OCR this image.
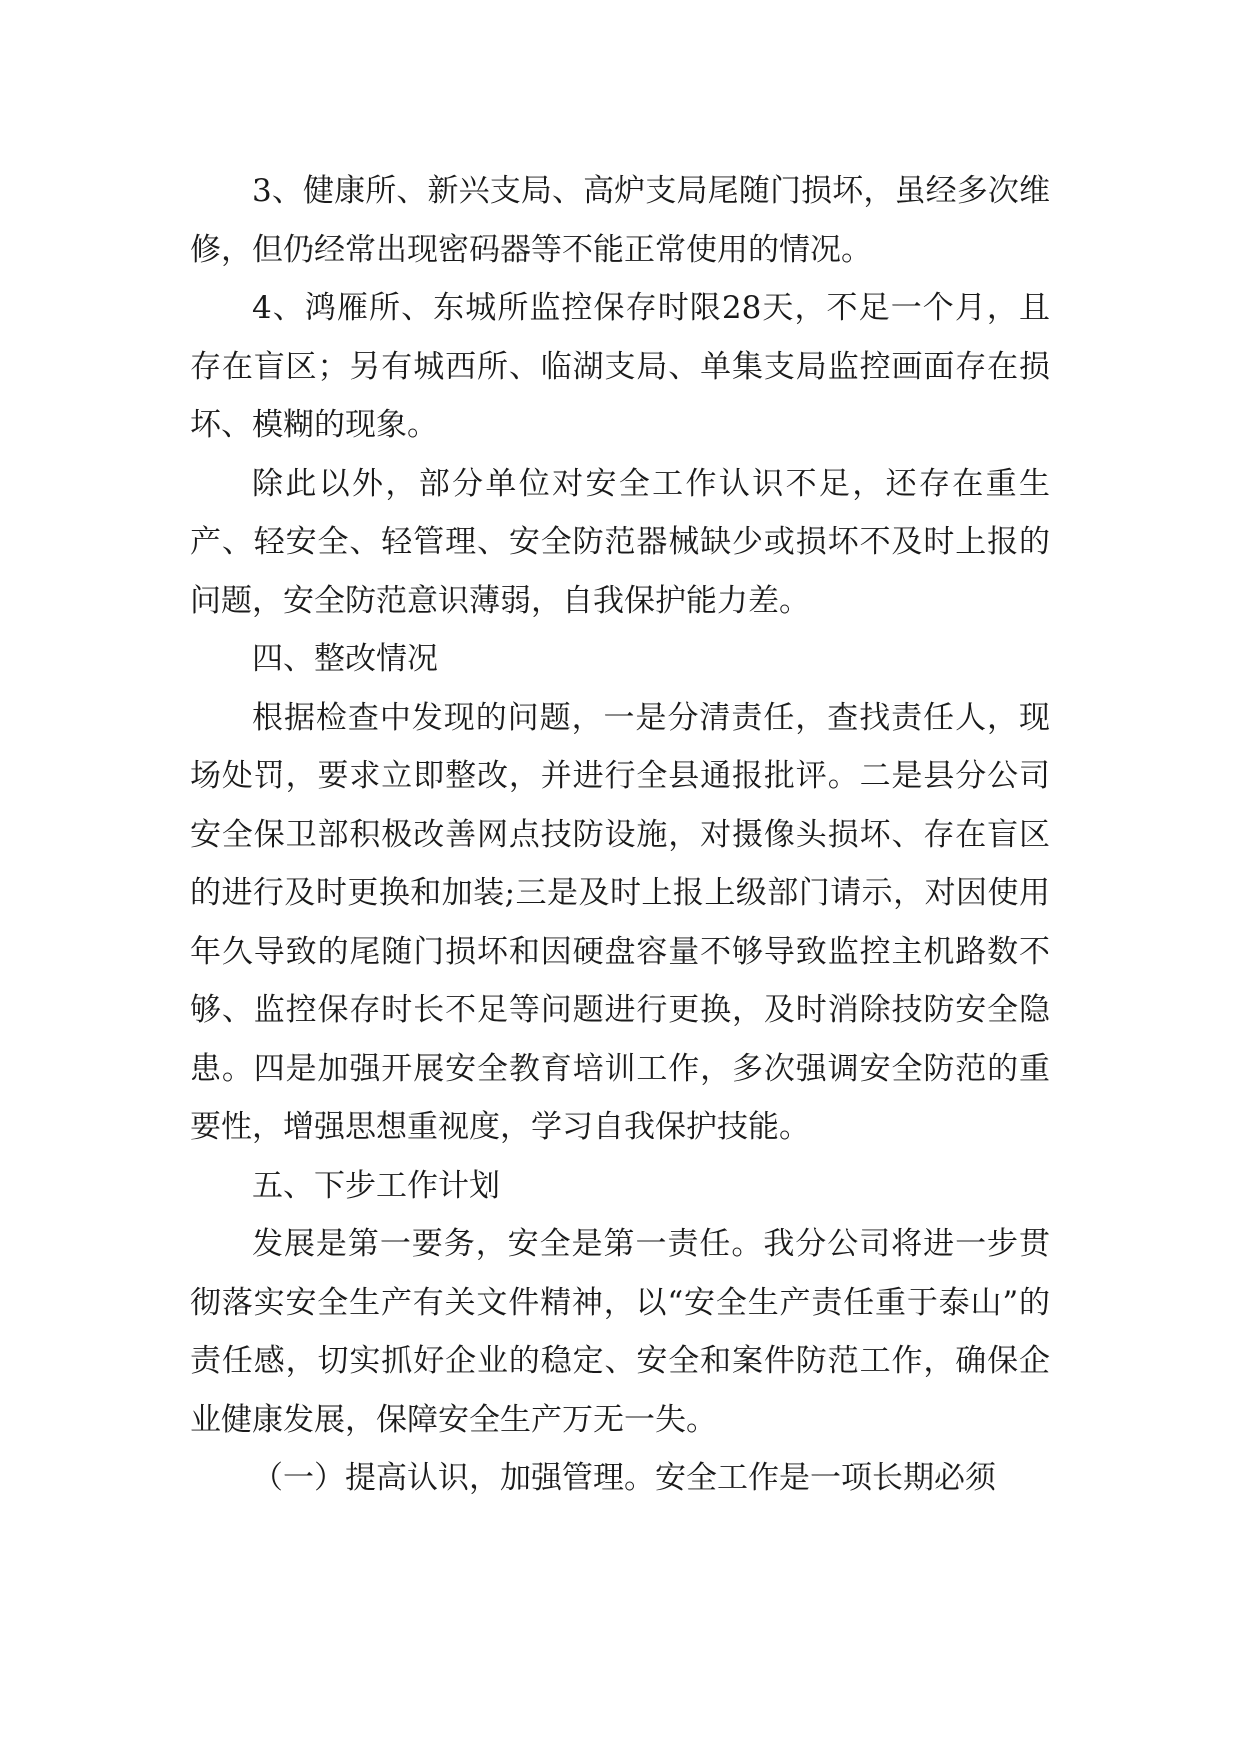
3、健康所、新兴支局、高炉支局尾随门损坏，虽经多次维修，但仍经常出现密码器等不能正常使用的情况。

4、鸿雁所、东城所监控保存时限28天，不足一个月，且存在盲区；另有城西所、临湖支局、单集支局监控画面存在损坏、模糊的现象。

除此以外，部分单位对安全工作认识不足，还存在重生产、轻安全、轻管理、安全防范器械缺少或损坏不及时上报的问题，安全防范意识薄弱，自我保护能力差。

四、整改情况

根据检查中发现的问题，一是分清责任，查找责任人，现场处罚，要求立即整改，并进行全县通报批评。二是县分公司安全保卫部积极改善网点技防设施，对摄像头损坏、存在盲区的进行及时更换和加装;三是及时上报上级部门请示，对因使用年久导致的尾随门损坏和因硬盘容量不够导致监控主机路数不够、监控保存时长不足等问题进行更换，及时消除技防安全隐患。四是加强开展安全教育培训工作，多次强调安全防范的重要性，增强思想重视度，学习自我保护技能。

五、下步工作计划

发展是第一要务，安全是第一责任。我分公司将进一步贯彻落实安全生产有关文件精神，以“安全生产责任重于泰山”的责任感，切实抓好企业的稳定、安全和案件防范工作，确保企业健康发展，保障安全生产万无一失。

（一）提高认识，加强管理。安全工作是一项长期必须
